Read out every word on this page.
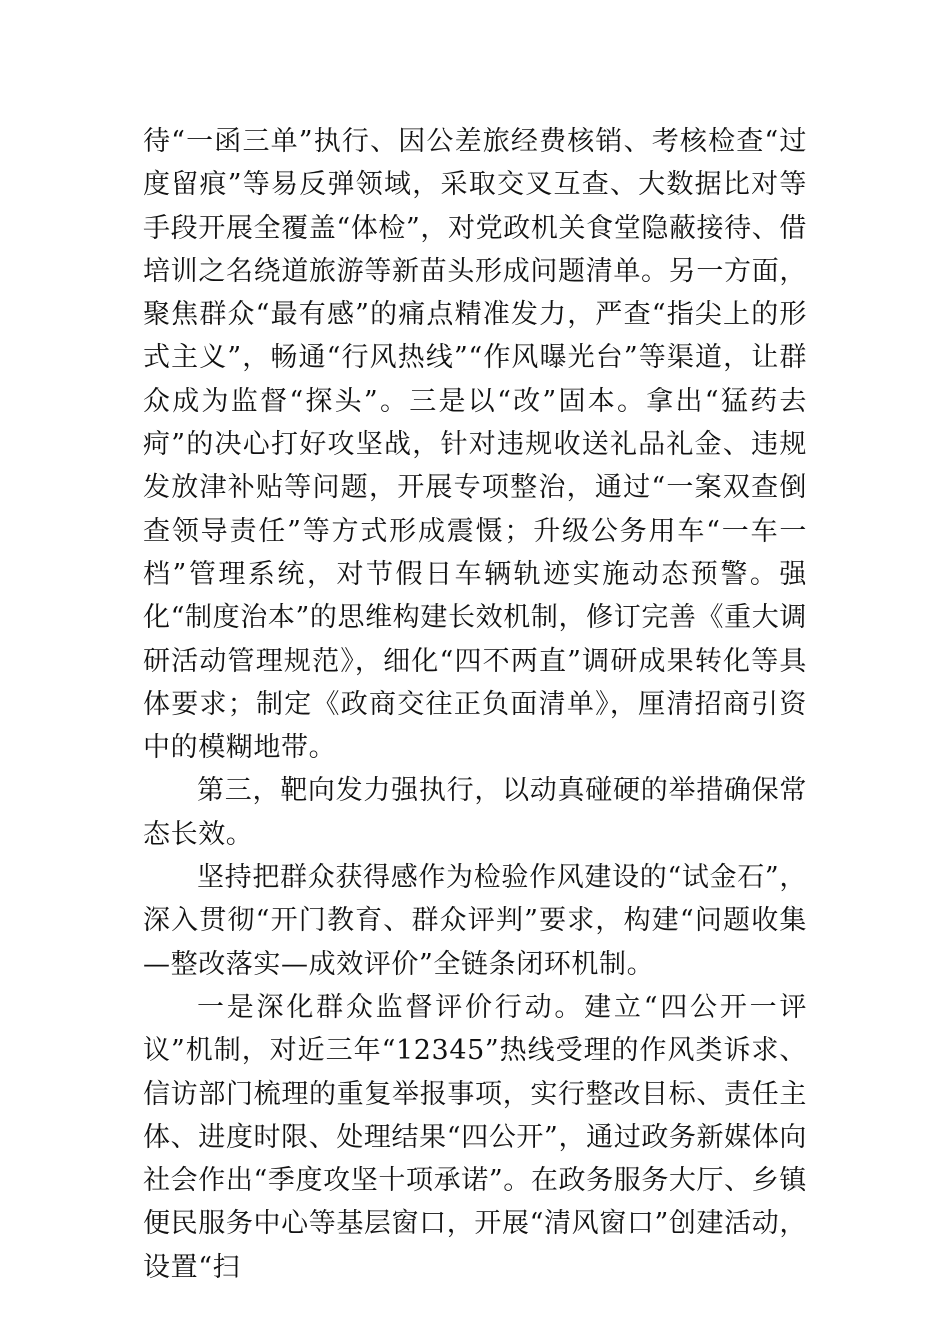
待“一函三单”执行、因公差旅经费核销、考核检查“过度留痕”等易反弹领域，采取交叉互查、大数据比对等手段开展全覆盖“体检”，对党政机关食堂隐蔽接待、借培训之名绕道旅游等新苗头形成问题清单。另一方面，聚焦群众“最有感”的痛点精准发力，严查“指尖上的形式主义”，畅通“行风热线”“作风曝光台”等渠道，让群众成为监督“探头”。三是以“改”固本。拿出“猛药去疴”的决心打好攻坚战，针对违规收送礼品礼金、违规发放津补贴等问题，开展专项整治，通过“一案双查倒查领导责任”等方式形成震慑；升级公务用车“一车一档”管理系统，对节假日车辆轨迹实施动态预警。强化“制度治本”的思维构建长效机制，修订完善《重大调研活动管理规范》，细化“四不两直”调研成果转化等具体要求；制定《政商交往正负面清单》，厘清招商引资中的模糊地带。

第三，靶向发力强执行，以动真碰硬的举措确保常态长效。

坚持把群众获得感作为检验作风建设的“试金石”，深入贯彻“开门教育、群众评判”要求，构建“问题收集—整改落实—成效评价”全链条闭环机制。

一是深化群众监督评价行动。建立“四公开一评议”机制，对近三年“12345”热线受理的作风类诉求、信访部门梳理的重复举报事项，实行整改目标、责任主体、进度时限、处理结果“四公开”，通过政务新媒体向社会作出“季度攻坚十项承诺”。在政务服务大厅、乡镇便民服务中心等基层窗口，开展“清风窗口”创建活动，设置“扫
